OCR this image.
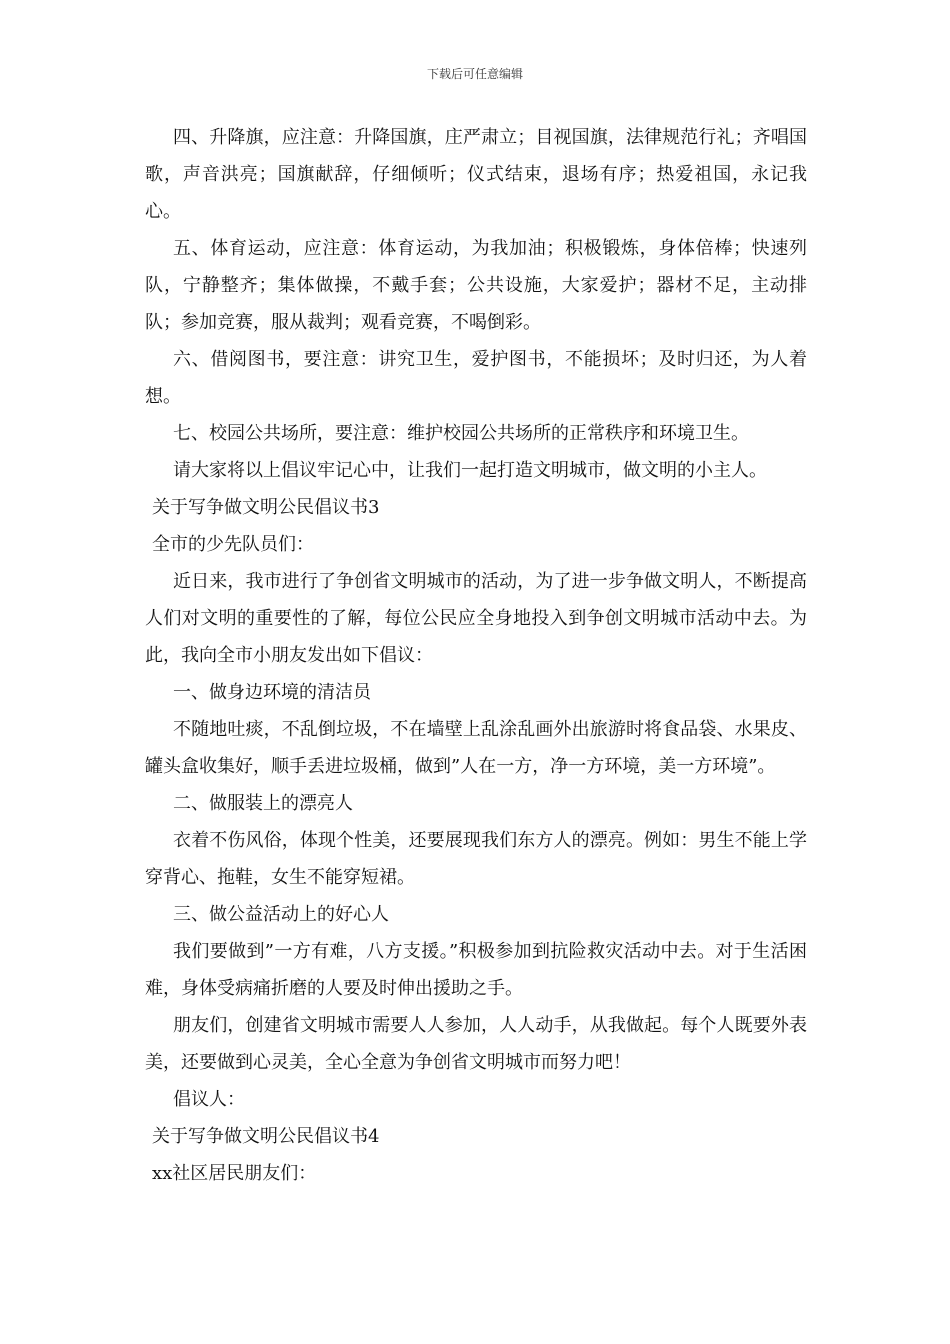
下载后可任意编辑

四、升降旗，应注意：升降国旗，庄严肃立；目视国旗，法律规范行礼；齐唱国歌，声音洪亮；国旗献辞，仔细倾听；仪式结束，退场有序；热爱祖国，永记我心。

五、体育运动，应注意：体育运动，为我加油；积极锻炼，身体倍棒；快速列队，宁静整齐；集体做操，不戴手套；公共设施，大家爱护；器材不足，主动排队；参加竞赛，服从裁判；观看竞赛，不喝倒彩。

六、借阅图书，要注意：讲究卫生，爱护图书，不能损坏；及时归还，为人着想。

七、校园公共场所，要注意：维护校园公共场所的正常秩序和环境卫生。

请大家将以上倡议牢记心中，让我们一起打造文明城市，做文明的小主人。

关于写争做文明公民倡议书3

全市的少先队员们：

近日来，我市进行了争创省文明城市的活动，为了进一步争做文明人，不断提高人们对文明的重要性的了解，每位公民应全身地投入到争创文明城市活动中去。为此，我向全市小朋友发出如下倡议：

一、做身边环境的清洁员

不随地吐痰，不乱倒垃圾，不在墙壁上乱涂乱画外出旅游时将食品袋、水果皮、罐头盒收集好，顺手丢进垃圾桶，做到”人在一方，净一方环境，美一方环境”。

二、做服装上的漂亮人

衣着不伤风俗，体现个性美，还要展现我们东方人的漂亮。例如：男生不能上学穿背心、拖鞋，女生不能穿短裙。

三、做公益活动上的好心人

我们要做到”一方有难，八方支援。”积极参加到抗险救灾活动中去。对于生活困难，身体受病痛折磨的人要及时伸出援助之手。

朋友们，创建省文明城市需要人人参加，人人动手，从我做起。每个人既要外表美，还要做到心灵美，全心全意为争创省文明城市而努力吧！

倡议人：

关于写争做文明公民倡议书4

xx社区居民朋友们：
